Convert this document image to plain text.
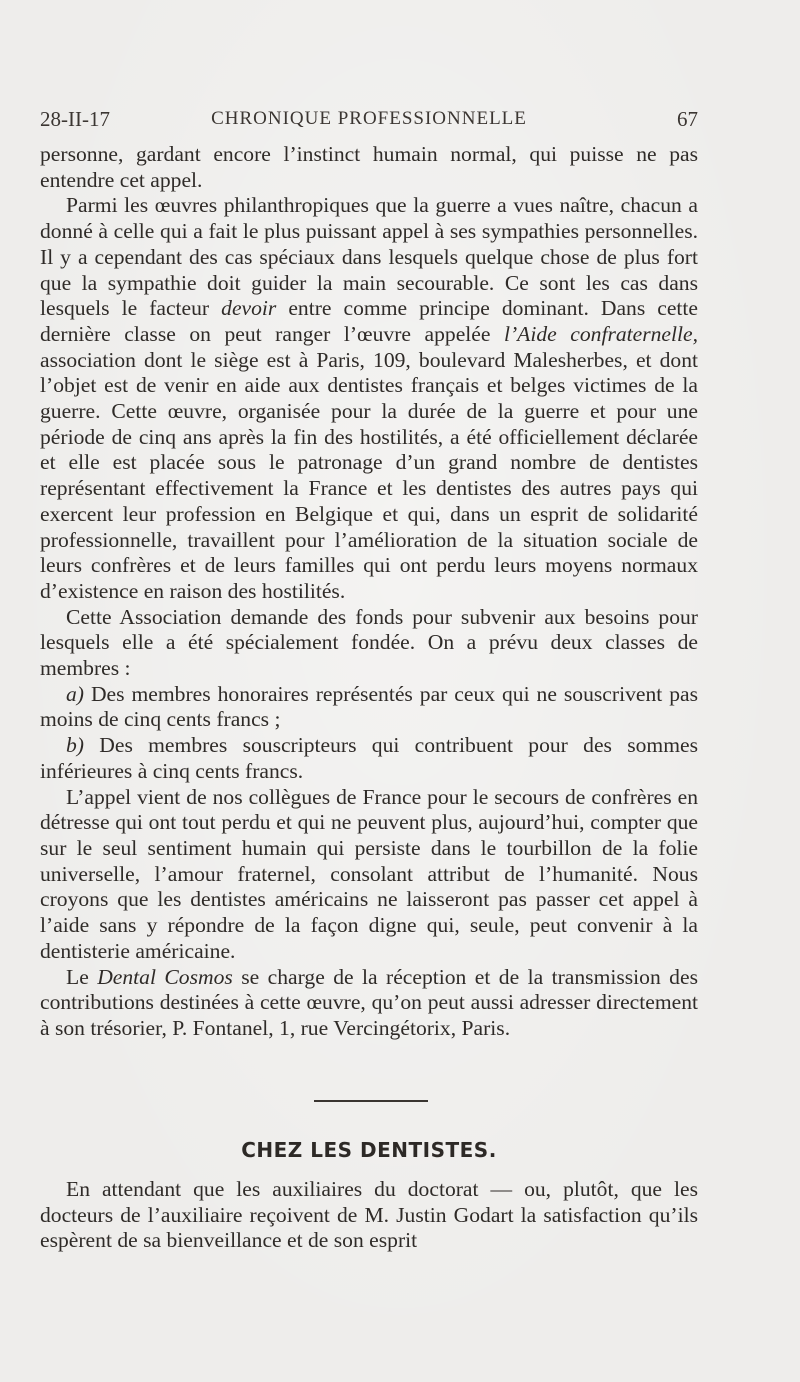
28-II-17	CHRONIQUE PROFESSIONNELLE	67

personne, gardant encore l’instinct humain normal, qui puisse ne pas entendre cet appel.

Parmi les œuvres philanthropiques que la guerre a vues naître, chacun a donné à celle qui a fait le plus puissant appel à ses sympathies personnelles. Il y a cependant des cas spéciaux dans lesquels quelque chose de plus fort que la sympathie doit guider la main secourable. Ce sont les cas dans lesquels le facteur devoir entre comme principe dominant. Dans cette dernière classe on peut ranger l’œuvre appelée l’Aide confraternelle, association dont le siège est à Paris, 109, boulevard Malesherbes, et dont l’objet est de venir en aide aux dentistes français et belges victimes de la guerre. Cette œuvre, organisée pour la durée de la guerre et pour une période de cinq ans après la fin des hostilités, a été officiellement déclarée et elle est placée sous le patronage d’un grand nombre de dentistes représentant effectivement la France et les dentistes des autres pays qui exercent leur profession en Belgique et qui, dans un esprit de solidarité professionnelle, travaillent pour l’amélioration de la situation sociale de leurs confrères et de leurs familles qui ont perdu leurs moyens normaux d’existence en raison des hostilités.

Cette Association demande des fonds pour subvenir aux besoins pour lesquels elle a été spécialement fondée. On a prévu deux classes de membres :

a) Des membres honoraires représentés par ceux qui ne souscrivent pas moins de cinq cents francs ;

b) Des membres souscripteurs qui contribuent pour des sommes inférieures à cinq cents francs.

L’appel vient de nos collègues de France pour le secours de confrères en détresse qui ont tout perdu et qui ne peuvent plus, aujourd’hui, compter que sur le seul sentiment humain qui persiste dans le tourbillon de la folie universelle, l’amour fraternel, consolant attribut de l’humanité. Nous croyons que les dentistes américains ne laisseront pas passer cet appel à l’aide sans y répondre de la façon digne qui, seule, peut convenir à la dentisterie américaine.

Le Dental Cosmos se charge de la réception et de la transmission des contributions destinées à cette œuvre, qu’on peut aussi adresser directement à son trésorier, P. Fontanel, 1, rue Vercingétorix, Paris.

CHEZ LES DENTISTES.

En attendant que les auxiliaires du doctorat — ou, plutôt, que les docteurs de l’auxiliaire reçoivent de M. Justin Godart la satisfaction qu’ils espèrent de sa bienveillance et de son esprit
